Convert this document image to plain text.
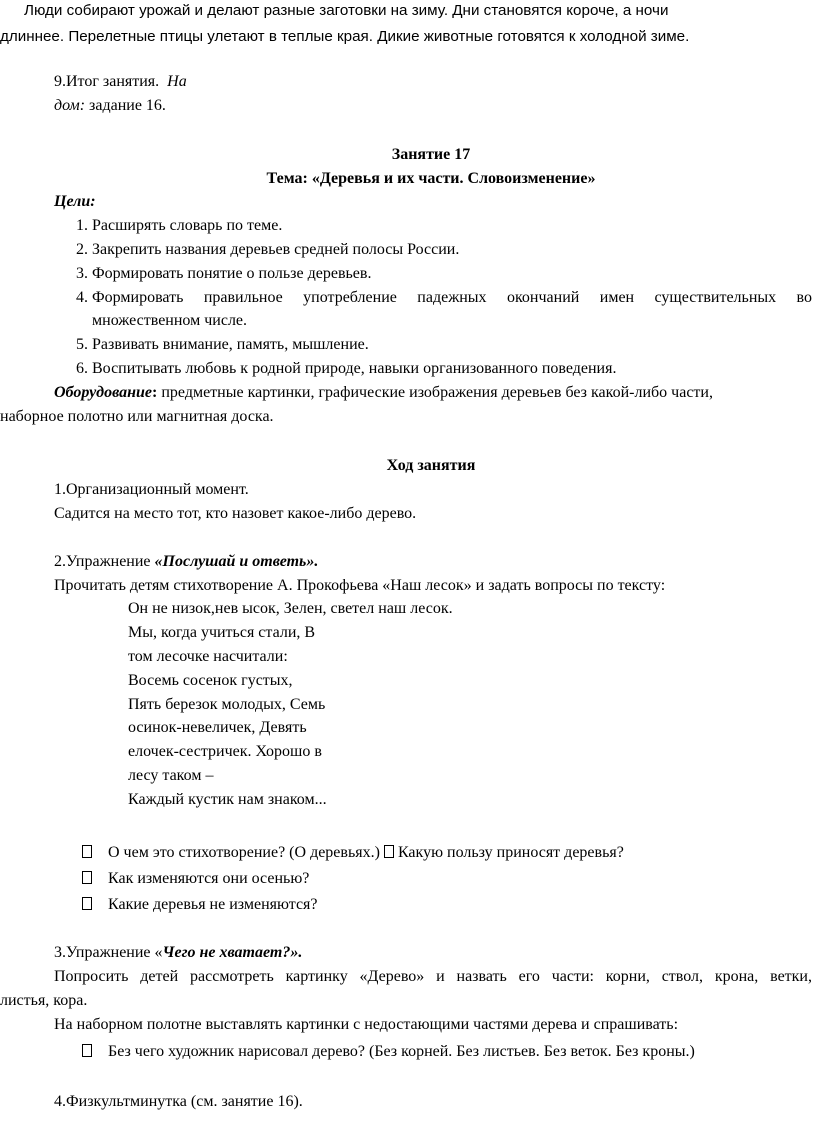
Люди собирают урожай и делают разные заготовки на зиму. Дни становятся короче, а ночи
длиннее. Перелетные птицы улетают в теплые края. Дикие животные готовятся к холодной зиме.
9.Итог занятия. На
дом: задание 16.
Занятие 17
Тема: «Деревья и их части. Словоизменение»
Цели:
1. Расширять словарь по теме.
2. Закрепить названия деревьев средней полосы России.
3. Формировать понятие о пользе деревьев.
4. Формировать правильное употребление падежных окончаний имен существительных во
множественном числе.
5. Развивать внимание, память, мышление.
6. Воспитывать любовь к родной природе, навыки организованного поведения.
Оборудование: предметные картинки, графические изображения деревьев без какой-либо части,
наборное полотно или магнитная доска.
Ход занятия
1.Организационный момент.
Садится на место тот, кто назовет какое-либо дерево.
2.Упражнение «Послушай и ответь».
Прочитать детям стихотворение А. Прокофьева «Наш лесок» и задать вопросы по тексту:
Он не низок,нев ысок, Зелен, светел наш лесок.
Мы, когда учиться стали, В
том лесочке насчитали:
Восемь сосенок густых,
Пять березок молодых, Семь
осинок-невеличек, Девять
елочек-сестричек. Хорошо в
лесу таком –
Каждый кустик нам знаком...
О чем это стихотворение? (О деревьях.)  Какую пользу приносят деревья?
Как изменяются они осенью?
Какие деревья не изменяются?
3.Упражнение «Чего не хватает?».
Попросить детей рассмотреть картинку «Дерево» и назвать его части: корни, ствол, крона, ветки,
листья, кора.
На наборном полотне выставлять картинки с недостающими частями дерева и спрашивать:
Без чего художник нарисовал дерево? (Без корней. Без листьев. Без веток. Без кроны.)
4.Физкультминутка (см. занятие 16).
